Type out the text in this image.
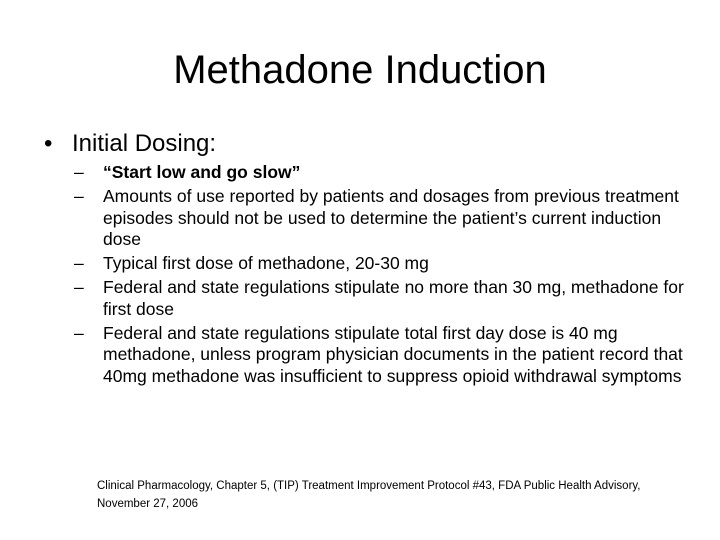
Methadone Induction
• Initial Dosing:
– “Start low and go slow”
– Amounts of use reported by patients and dosages from previous treatment episodes should not be used to determine the patient’s current induction dose
– Typical first dose of methadone, 20-30 mg
– Federal and state regulations stipulate no more than 30 mg, methadone for first dose
– Federal and state regulations stipulate total first day dose is 40 mg methadone, unless program physician documents in the patient record that 40mg methadone was insufficient to suppress opioid withdrawal symptoms
Clinical Pharmacology, Chapter 5, (TIP) Treatment Improvement Protocol #43, FDA Public Health Advisory, November 27, 2006
